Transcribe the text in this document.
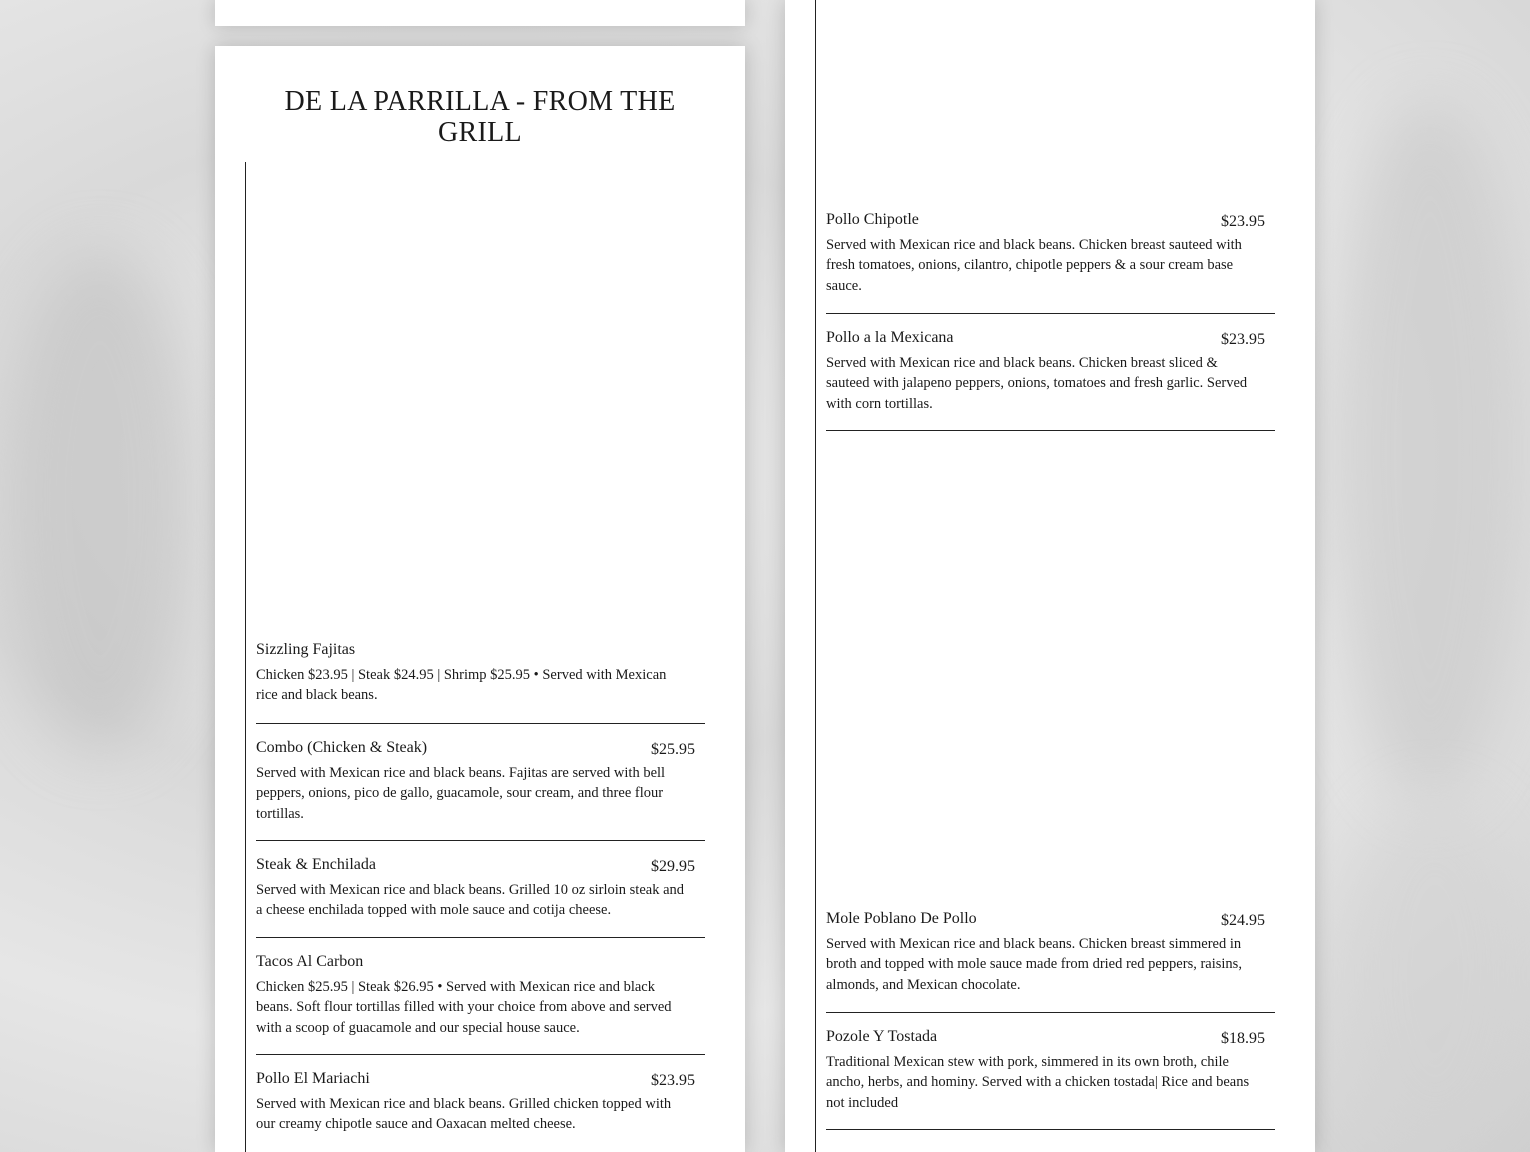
DE LA PARRILLA - FROM THE GRILL
Sizzling Fajitas
Chicken $23.95 | Steak $24.95 | Shrimp $25.95 • Served with Mexican rice and black beans.
Combo (Chicken & Steak)	$25.95
Served with Mexican rice and black beans. Fajitas are served with bell peppers, onions, pico de gallo, guacamole, sour cream, and three flour tortillas.
Steak & Enchilada	$29.95
Served with Mexican rice and black beans. Grilled 10 oz sirloin steak and a cheese enchilada topped with mole sauce and cotija cheese.
Tacos Al Carbon
Chicken $25.95 | Steak $26.95 • Served with Mexican rice and black beans. Soft flour tortillas filled with your choice from above and served with a scoop of guacamole and our special house sauce.
Pollo El Mariachi	$23.95
Served with Mexican rice and black beans. Grilled chicken topped with our creamy chipotle sauce and Oaxacan melted cheese.
Pollo Chipotle	$23.95
Served with Mexican rice and black beans. Chicken breast sauteed with fresh tomatoes, onions, cilantro, chipotle peppers & a sour cream base sauce.
Pollo a la Mexicana	$23.95
Served with Mexican rice and black beans. Chicken breast sliced & sauteed with jalapeno peppers, onions, tomatoes and fresh garlic. Served with corn tortillas.
Mole Poblano De Pollo	$24.95
Served with Mexican rice and black beans. Chicken breast simmered in broth and topped with mole sauce made from dried red peppers, raisins, almonds, and Mexican chocolate.
Pozole Y Tostada	$18.95
Traditional Mexican stew with pork, simmered in its own broth, chile ancho, herbs, and hominy. Served with a chicken tostada| Rice and beans not included
